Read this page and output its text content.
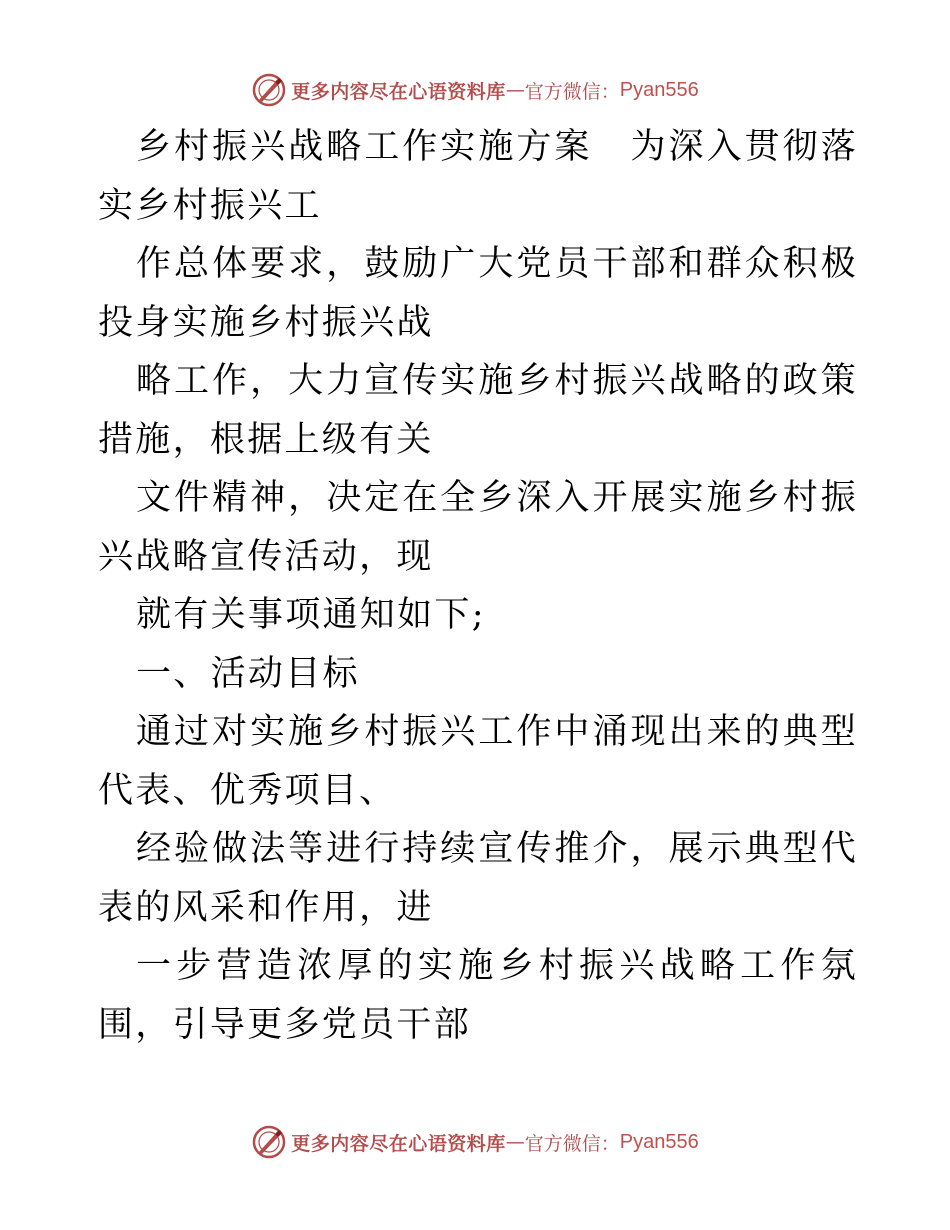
更多内容尽在心语资料库 — 官方微信： Pyan556

乡村振兴战略工作实施方案　为深入贯彻落实乡村振兴工

作总体要求，鼓励广大党员干部和群众积极投身实施乡村振兴战

略工作，大力宣传实施乡村振兴战略的政策措施，根据上级有关

文件精神，决定在全乡深入开展实施乡村振兴战略宣传活动，现

就有关事项通知如下;

一、活动目标

通过对实施乡村振兴工作中涌现出来的典型代表、优秀项目、

经验做法等进行持续宣传推介，展示典型代表的风采和作用，进

一步营造浓厚的实施乡村振兴战略工作氛围，引导更多党员干部

更多内容尽在心语资料库 — 官方微信： Pyan556
